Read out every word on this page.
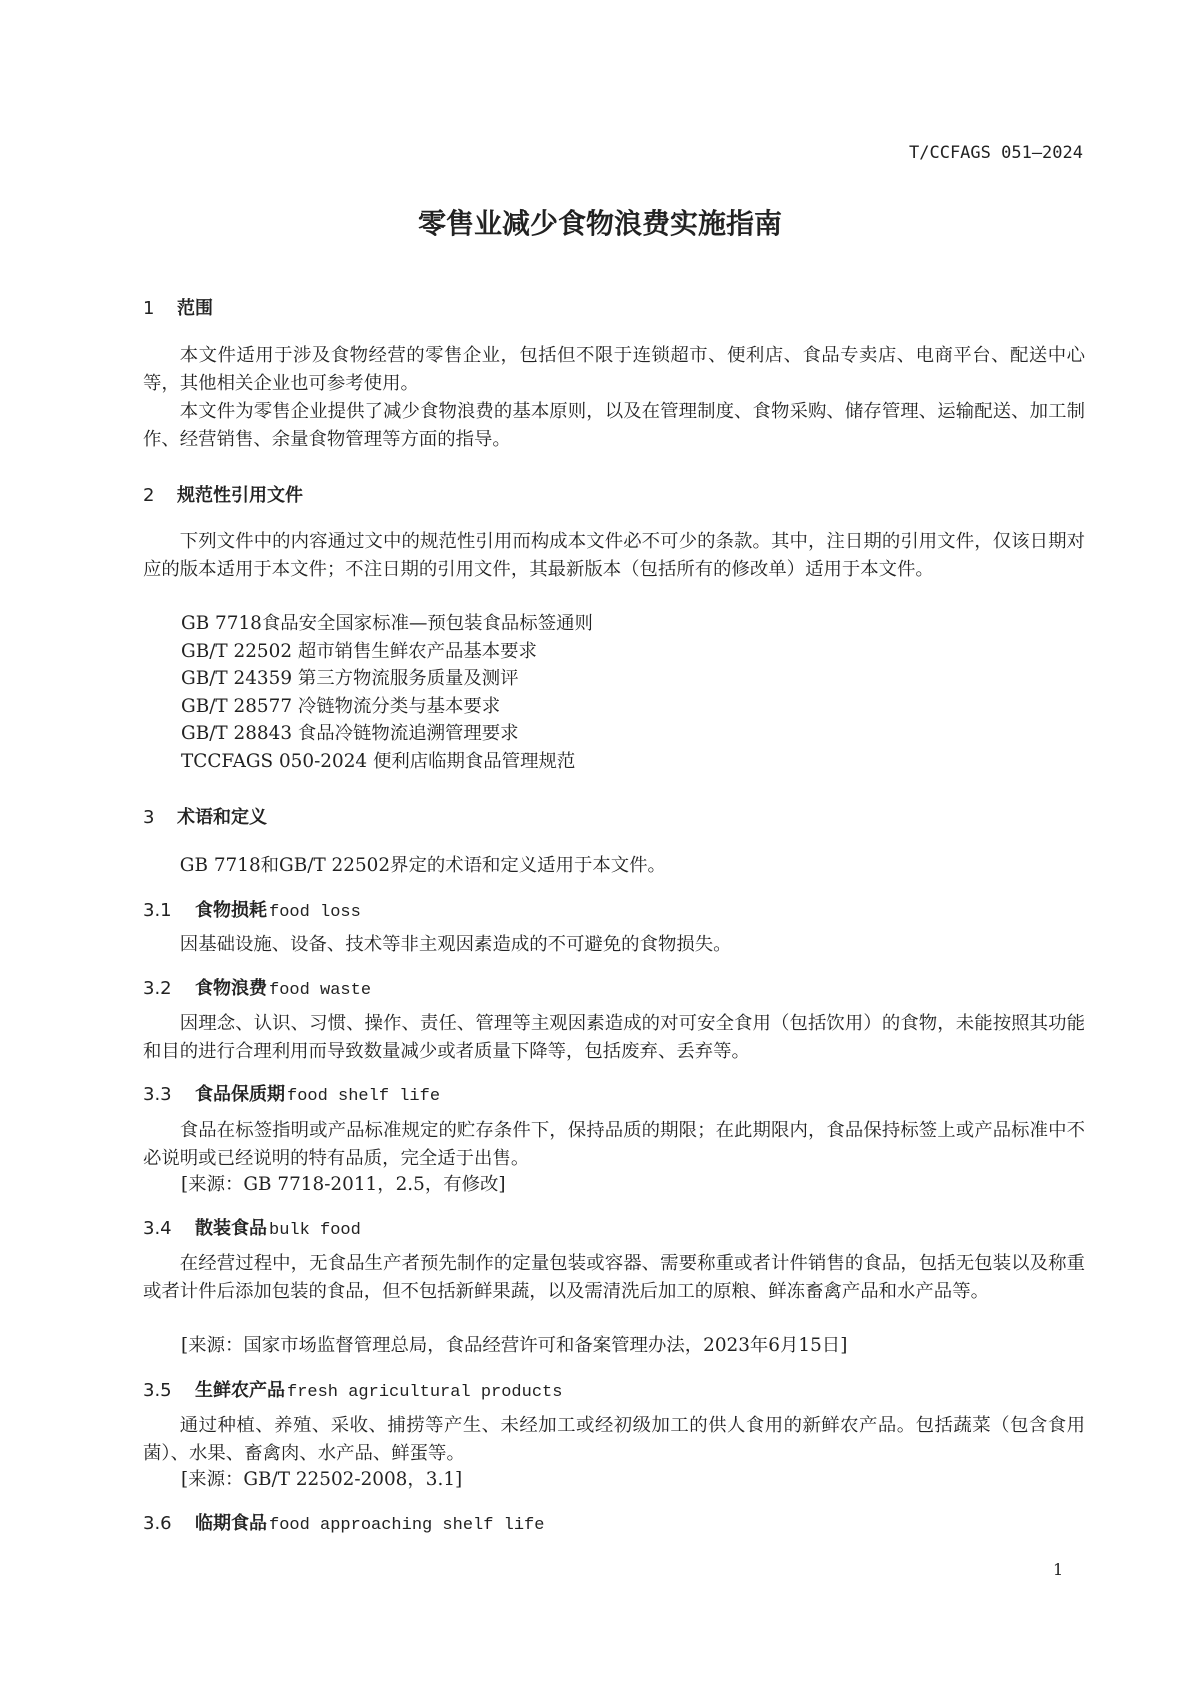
T/CCFAGS 051—2024
零售业减少食物浪费实施指南
1 范围
本文件适用于涉及食物经营的零售企业，包括但不限于连锁超市、便利店、食品专卖店、电商平台、配送中心等，其他相关企业也可参考使用。
本文件为零售企业提供了减少食物浪费的基本原则，以及在管理制度、食物采购、储存管理、运输配送、加工制作、经营销售、余量食物管理等方面的指导。
2 规范性引用文件
下列文件中的内容通过文中的规范性引用而构成本文件必不可少的条款。其中，注日期的引用文件，仅该日期对应的版本适用于本文件；不注日期的引用文件，其最新版本（包括所有的修改单）适用于本文件。
GB 7718食品安全国家标准—预包装食品标签通则
GB/T 22502 超市销售生鲜农产品基本要求
GB/T 24359 第三方物流服务质量及测评
GB/T 28577 冷链物流分类与基本要求
GB/T 28843 食品冷链物流追溯管理要求
TCCFAGS 050-2024 便利店临期食品管理规范
3 术语和定义
GB 7718和GB/T 22502界定的术语和定义适用于本文件。
3.1 食物损耗 food loss
因基础设施、设备、技术等非主观因素造成的不可避免的食物损失。
3.2 食物浪费 food waste
因理念、认识、习惯、操作、责任、管理等主观因素造成的对可安全食用（包括饮用）的食物，未能按照其功能和目的进行合理利用而导致数量减少或者质量下降等，包括废弃、丢弃等。
3.3 食品保质期 food shelf life
食品在标签指明或产品标准规定的贮存条件下，保持品质的期限；在此期限内，食品保持标签上或产品标准中不必说明或已经说明的特有品质，完全适于出售。
[来源：GB 7718-2011，2.5，有修改]
3.4 散装食品 bulk food
在经营过程中，无食品生产者预先制作的定量包装或容器、需要称重或者计件销售的食品，包括无包装以及称重或者计件后添加包装的食品，但不包括新鲜果蔬，以及需清洗后加工的原粮、鲜冻畜禽产品和水产品等。
[来源：国家市场监督管理总局，食品经营许可和备案管理办法，2023年6月15日]
3.5 生鲜农产品 fresh agricultural products
通过种植、养殖、采收、捕捞等产生、未经加工或经初级加工的供人食用的新鲜农产品。包括蔬菜（包含食用菌）、水果、畜禽肉、水产品、鲜蛋等。
[来源：GB/T 22502-2008，3.1]
3.6 临期食品 food approaching shelf life
1
